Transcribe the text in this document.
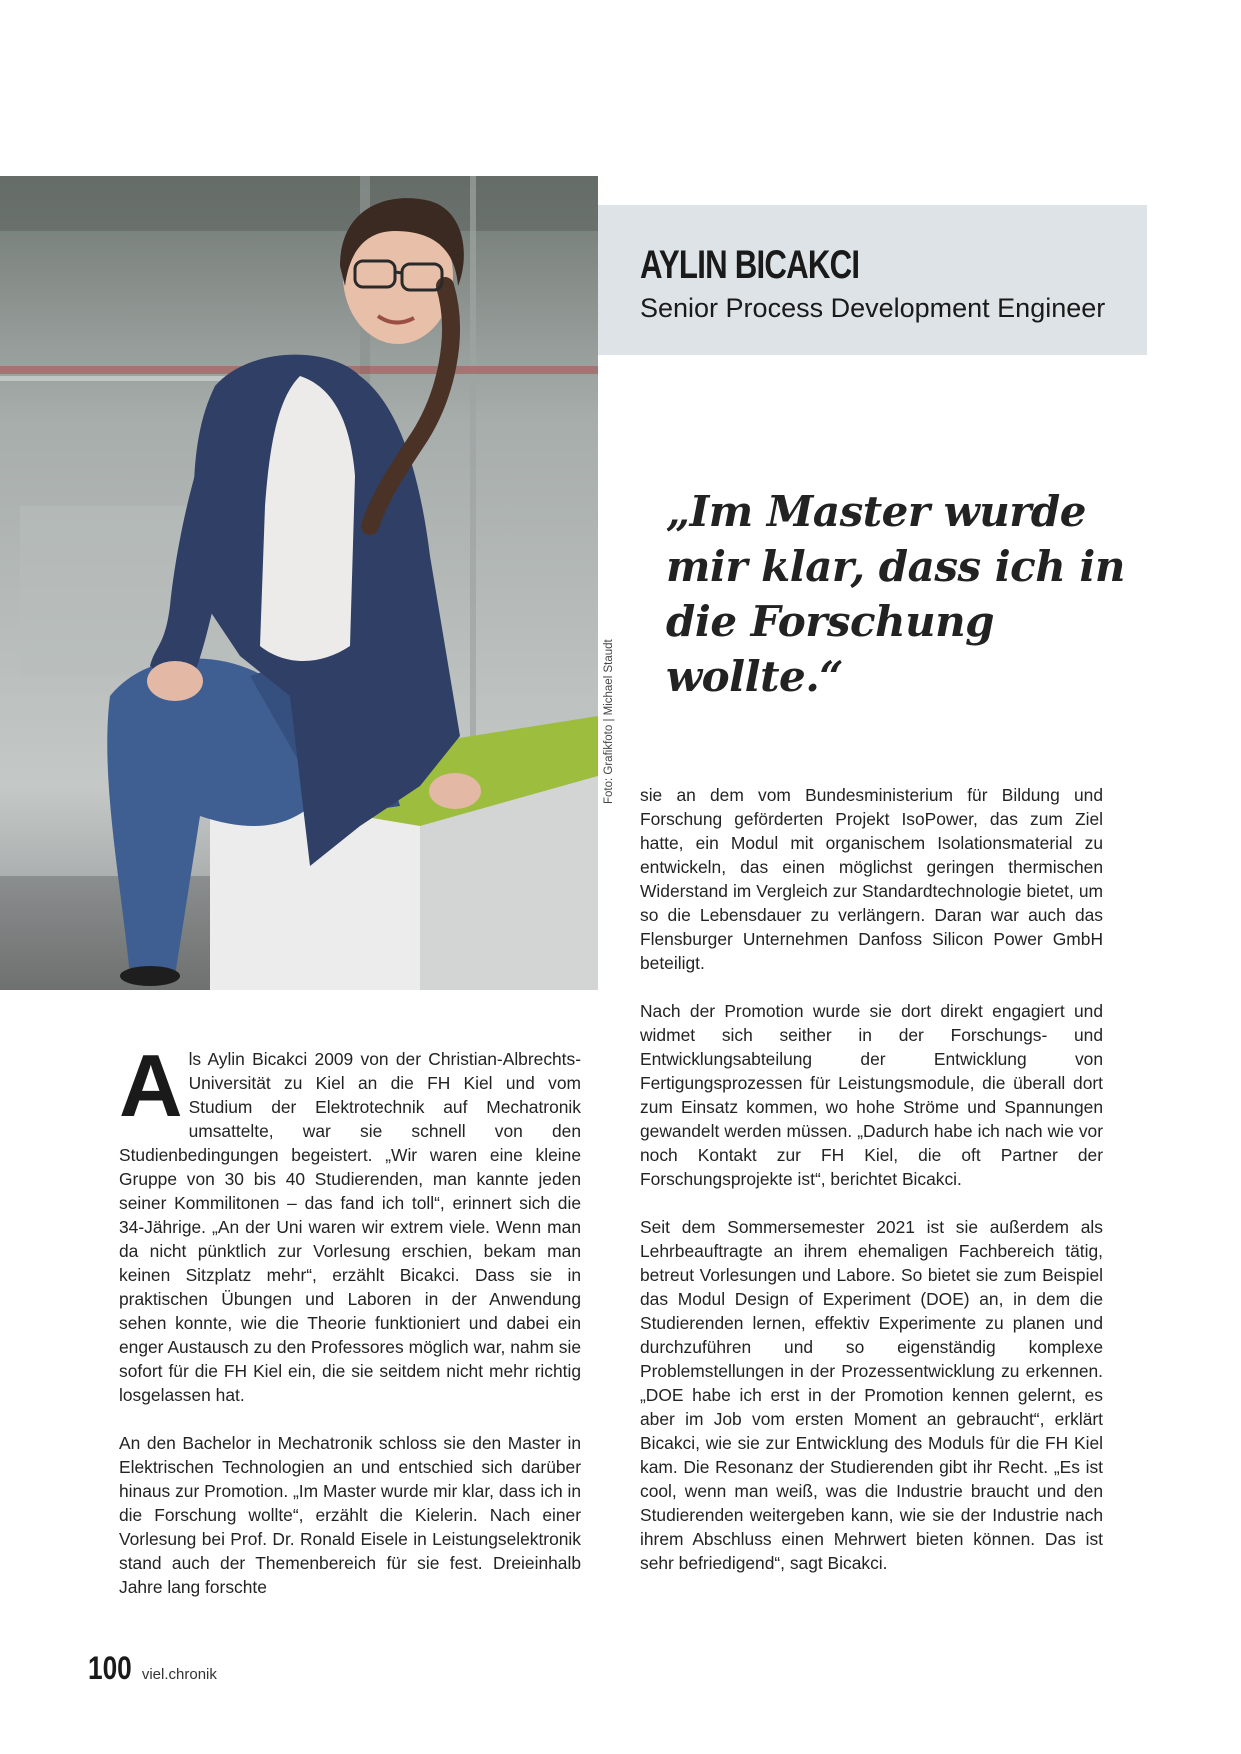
Foto: Grafikfoto | Michael Staudt
AYLIN BICAKCI

Senior Process Development Engineer

„Im Master wurde mir klar, dass ich in die Forschung wollte.“

A ls Aylin Bicakci 2009 von der Christian-Albrechts-Universität zu Kiel an die FH Kiel und vom Studium der Elektrotechnik auf Mechatronik umsattelte, war sie schnell von den Studienbedingungen begeistert. „Wir waren eine kleine Gruppe von 30 bis 40 Studierenden, man kannte jeden seiner Kommilitonen – das fand ich toll“, erinnert sich die 34-Jährige. „An der Uni waren wir extrem viele. Wenn man da nicht pünktlich zur Vorlesung erschien, bekam man keinen Sitzplatz mehr“, erzählt Bicakci. Dass sie in praktischen Übungen und Laboren in der Anwendung sehen konnte, wie die Theorie funktioniert und dabei ein enger Austausch zu den Professores möglich war, nahm sie sofort für die FH Kiel ein, die sie seitdem nicht mehr richtig losgelassen hat.

An den Bachelor in Mechatronik schloss sie den Master in Elektrischen Technologien an und entschied sich darüber hinaus zur Promotion. „Im Master wurde mir klar, dass ich in die Forschung wollte“, erzählt die Kielerin. Nach einer Vorlesung bei Prof. Dr. Ronald Eisele in Leistungselektronik stand auch der Themenbereich für sie fest. Dreieinhalb Jahre lang forschte

sie an dem vom Bundesministerium für Bildung und Forschung geförderten Projekt IsoPower, das zum Ziel hatte, ein Modul mit organischem Isolationsmaterial zu entwickeln, das einen möglichst geringen thermischen Widerstand im Vergleich zur Standardtechnologie bietet, um so die Lebensdauer zu verlängern. Daran war auch das Flensburger Unternehmen Danfoss Silicon Power GmbH beteiligt.

Nach der Promotion wurde sie dort direkt engagiert und widmet sich seither in der Forschungs- und Entwicklungsabteilung der Entwicklung von Fertigungsprozessen für Leistungsmodule, die überall dort zum Einsatz kommen, wo hohe Ströme und Spannungen gewandelt werden müssen. „Dadurch habe ich nach wie vor noch Kontakt zur FH Kiel, die oft Partner der Forschungsprojekte ist“, berichtet Bicakci.

Seit dem Sommersemester 2021 ist sie außerdem als Lehrbeauftragte an ihrem ehemaligen Fachbereich tätig, betreut Vorlesungen und Labore. So bietet sie zum Beispiel das Modul Design of Experiment (DOE) an, in dem die Studierenden lernen, effektiv Experimente zu planen und durchzuführen und so eigenständig komplexe Problemstellungen in der Prozessentwicklung zu erkennen. „DOE habe ich erst in der Promotion kennen gelernt, es aber im Job vom ersten Moment an gebraucht“, erklärt Bicakci, wie sie zur Entwicklung des Moduls für die FH Kiel kam. Die Resonanz der Studierenden gibt ihr Recht. „Es ist cool, wenn man weiß, was die Industrie braucht und den Studierenden weitergeben kann, wie sie der Industrie nach ihrem Abschluss einen Mehrwert bieten können. Das ist sehr befriedigend“, sagt Bicakci.

100 viel.chronik
